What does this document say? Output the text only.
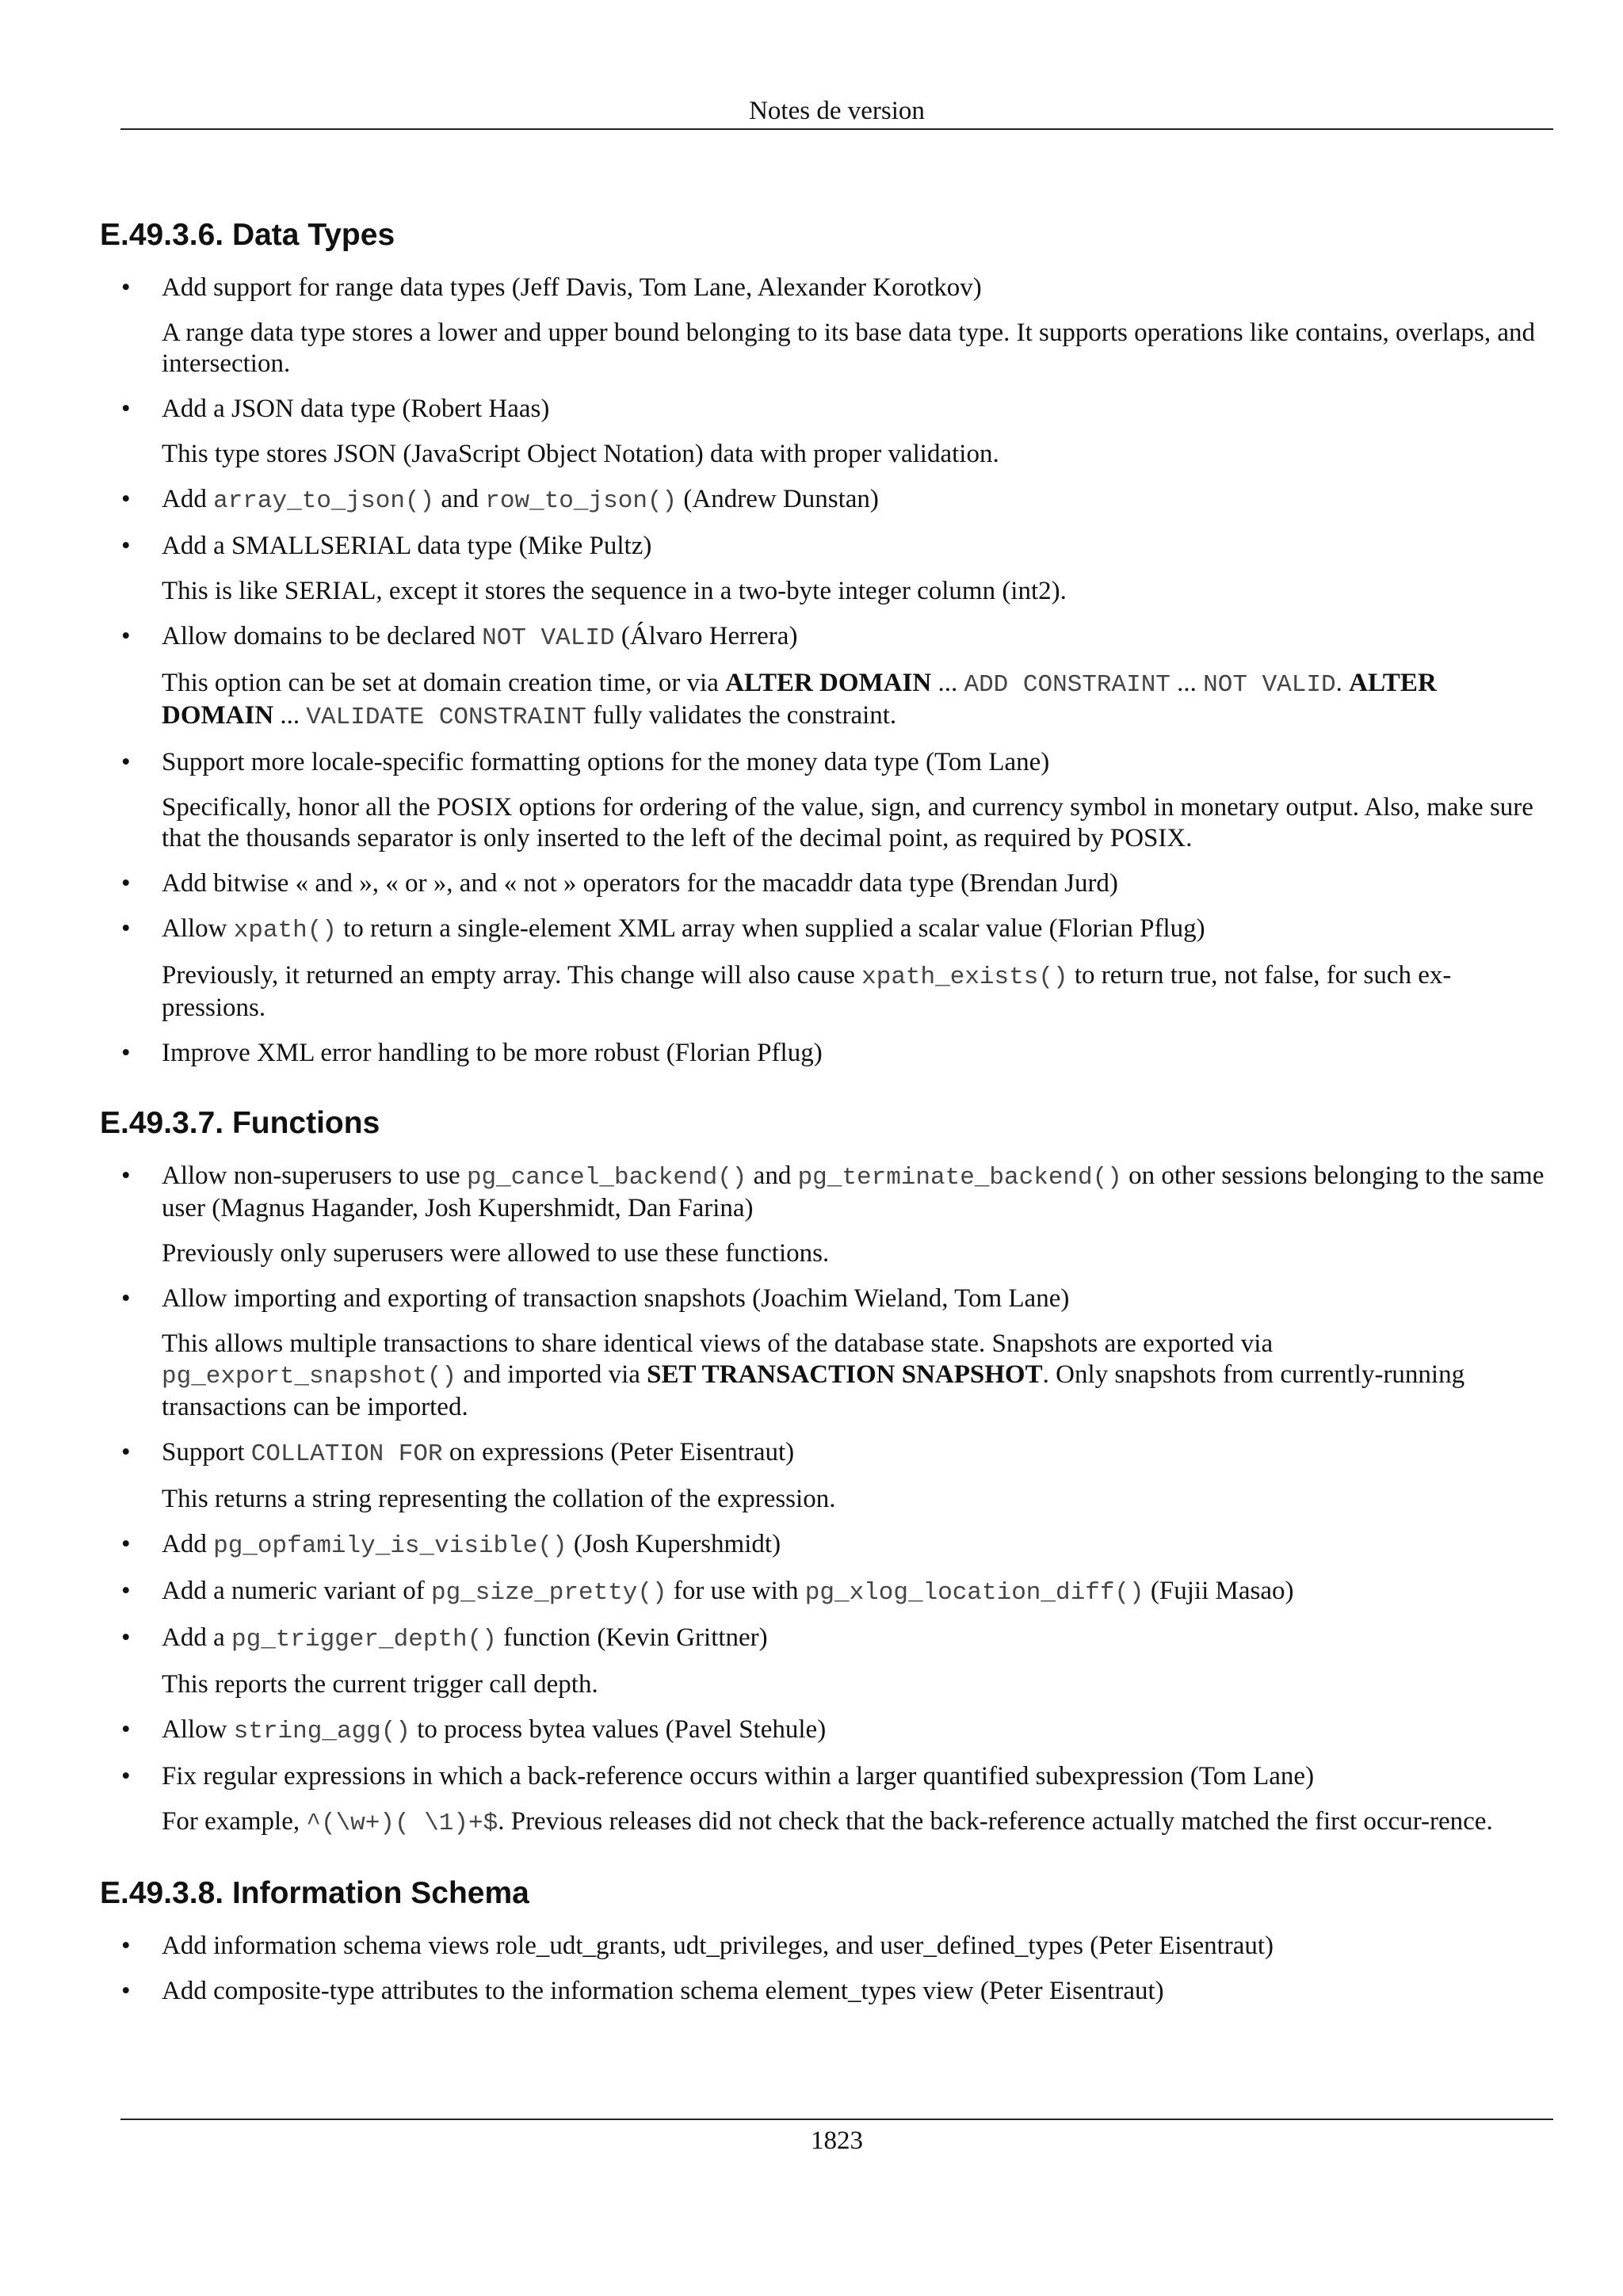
Notes de version
E.49.3.6. Data Types
• Add support for range data types (Jeff Davis, Tom Lane, Alexander Korotkov)

A range data type stores a lower and upper bound belonging to its base data type. It supports operations like contains, overlaps, and intersection.

• Add a JSON data type (Robert Haas)

This type stores JSON (JavaScript Object Notation) data with proper validation.

• Add array_to_json() and row_to_json() (Andrew Dunstan)

• Add a SMALLSERIAL data type (Mike Pultz)

This is like SERIAL, except it stores the sequence in a two-byte integer column (int2).

• Allow domains to be declared NOT VALID (Álvaro Herrera)

This option can be set at domain creation time, or via ALTER DOMAIN ... ADD CONSTRAINT ... NOT VALID. ALTER DOMAIN ... VALIDATE CONSTRAINT fully validates the constraint.

• Support more locale-specific formatting options for the money data type (Tom Lane)

Specifically, honor all the POSIX options for ordering of the value, sign, and currency symbol in monetary output. Also, make sure that the thousands separator is only inserted to the left of the decimal point, as required by POSIX.

• Add bitwise « and », « or », and « not » operators for the macaddr data type (Brendan Jurd)

• Allow xpath() to return a single-element XML array when supplied a scalar value (Florian Pflug)

Previously, it returned an empty array. This change will also cause xpath_exists() to return true, not false, for such ex-pressions.

• Improve XML error handling to be more robust (Florian Pflug)

E.49.3.7. Functions
• Allow non-superusers to use pg_cancel_backend() and pg_terminate_backend() on other sessions belonging to the same user (Magnus Hagander, Josh Kupershmidt, Dan Farina)

Previously only superusers were allowed to use these functions.

• Allow importing and exporting of transaction snapshots (Joachim Wieland, Tom Lane)

This allows multiple transactions to share identical views of the database state. Snapshots are exported via pg_export_snapshot() and imported via SET TRANSACTION SNAPSHOT. Only snapshots from currently-running transactions can be imported.

• Support COLLATION FOR on expressions (Peter Eisentraut)

This returns a string representing the collation of the expression.

• Add pg_opfamily_is_visible() (Josh Kupershmidt)

• Add a numeric variant of pg_size_pretty() for use with pg_xlog_location_diff() (Fujii Masao)

• Add a pg_trigger_depth() function (Kevin Grittner)

This reports the current trigger call depth.

• Allow string_agg() to process bytea values (Pavel Stehule)

• Fix regular expressions in which a back-reference occurs within a larger quantified subexpression (Tom Lane)

For example, ^(\w+)( \1)+$. Previous releases did not check that the back-reference actually matched the first occur-rence.

E.49.3.8. Information Schema
• Add information schema views role_udt_grants, udt_privileges, and user_defined_types (Peter Eisentraut)

• Add composite-type attributes to the information schema element_types view (Peter Eisentraut)

1823
